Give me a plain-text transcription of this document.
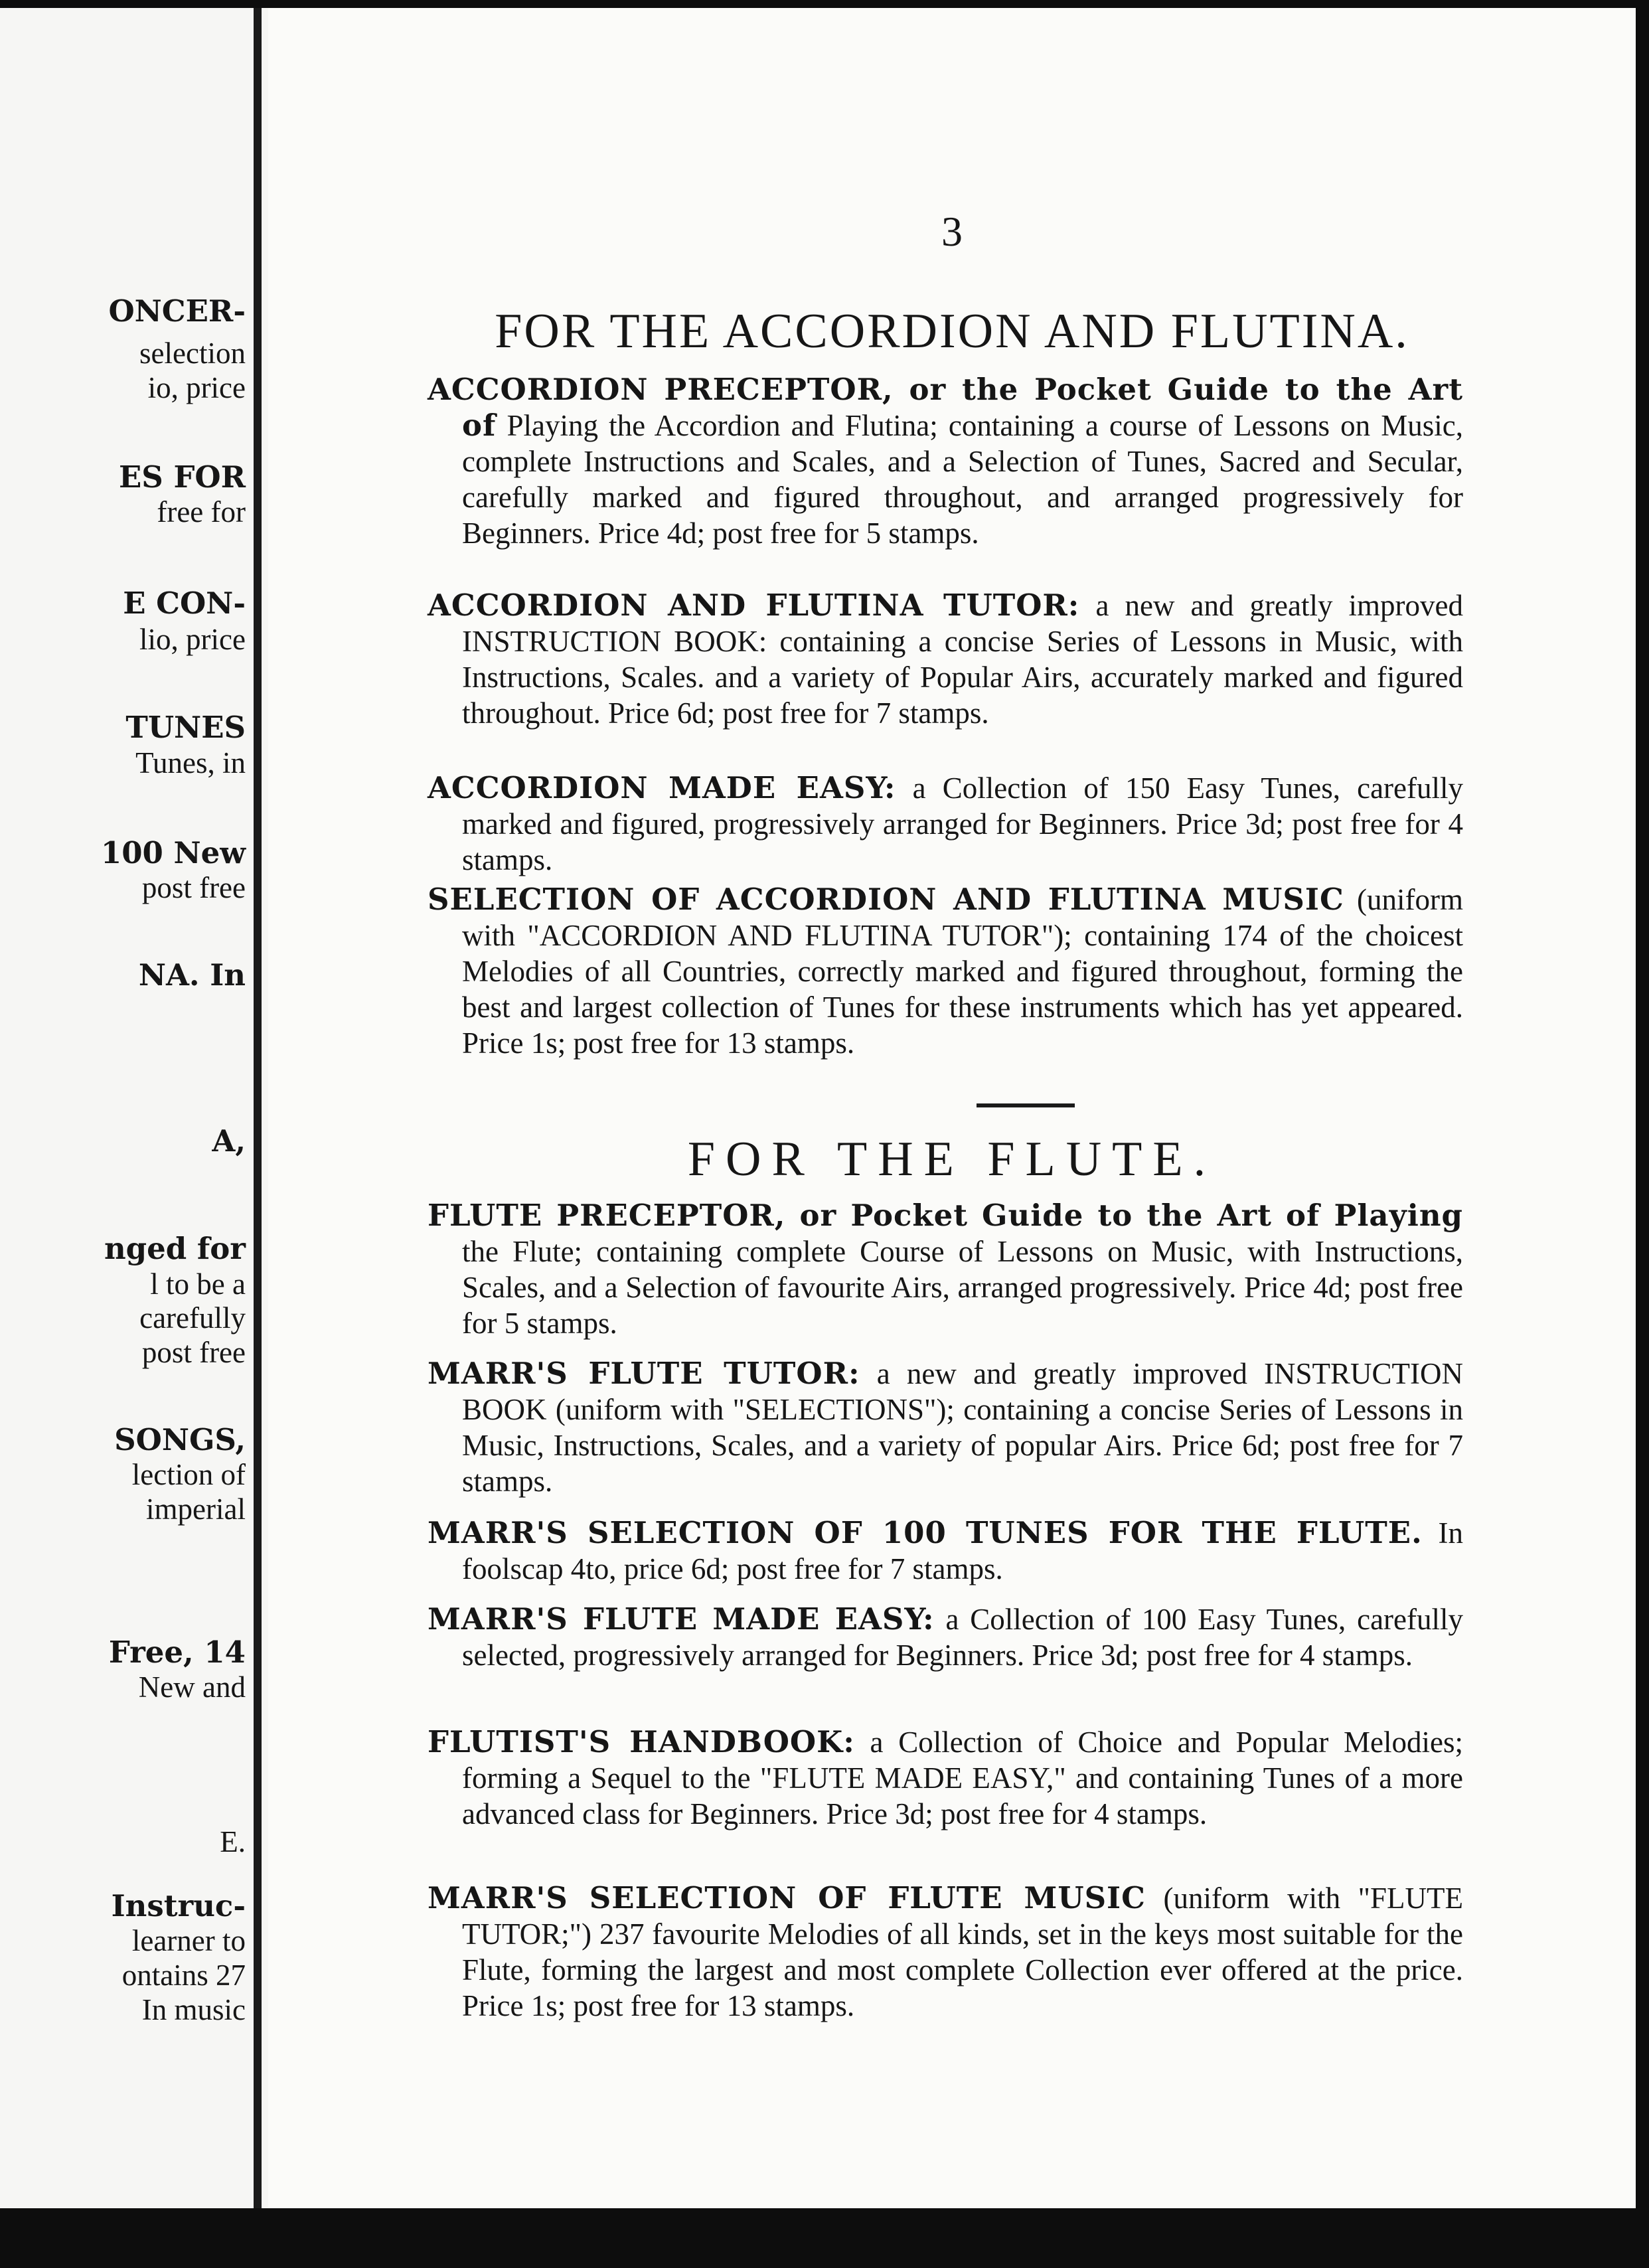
ONCER-
selection
io, price
ES FOR
free for
E CON-
lio, price
TUNES
Tunes, in
100 New
post free
NA. In
A,
nged for
l to be a
carefully
post free
SONGS,
lection of
imperial
Free, 14
New and
E.
Instruc-
learner to
ontains 27
In music
3
FOR THE ACCORDION AND FLUTINA.

ACCORDION PRECEPTOR, or the Pocket Guide to the Art of Playing the Accordion and Flutina; containing a course of Lessons on Music, complete Instructions and Scales, and a Selection of Tunes, Sacred and Secular, carefully marked and figured throughout, and arranged progressively for Beginners. Price 4d; post free for 5 stamps.

ACCORDION AND FLUTINA TUTOR: a new and greatly improved INSTRUCTION BOOK: containing a concise Series of Lessons in Music, with Instructions, Scales. and a variety of Popular Airs, accurately marked and figured throughout. Price 6d; post free for 7 stamps.

ACCORDION MADE EASY: a Collection of 150 Easy Tunes, carefully marked and figured, progressively arranged for Beginners. Price 3d; post free for 4 stamps.

SELECTION OF ACCORDION AND FLUTINA MUSIC (uniform with "ACCORDION AND FLUTINA TUTOR"); containing 174 of the choicest Melodies of all Countries, correctly marked and figured throughout, forming the best and largest collection of Tunes for these instruments which has yet appeared. Price 1s; post free for 13 stamps.

FOR THE FLUTE.

FLUTE PRECEPTOR, or Pocket Guide to the Art of Playing the Flute; containing complete Course of Lessons on Music, with Instructions, Scales, and a Selection of favourite Airs, arranged progressively. Price 4d; post free for 5 stamps.

MARR'S FLUTE TUTOR: a new and greatly improved INSTRUCTION BOOK (uniform with "SELECTIONS"); containing a concise Series of Lessons in Music, Instructions, Scales, and a variety of popular Airs. Price 6d; post free for 7 stamps.

MARR'S SELECTION OF 100 TUNES FOR THE FLUTE. In foolscap 4to, price 6d; post free for 7 stamps.

MARR'S FLUTE MADE EASY: a Collection of 100 Easy Tunes, carefully selected, progressively arranged for Beginners. Price 3d; post free for 4 stamps.

FLUTIST'S HANDBOOK: a Collection of Choice and Popular Melodies; forming a Sequel to the "FLUTE MADE EASY," and containing Tunes of a more advanced class for Beginners. Price 3d; post free for 4 stamps.

MARR'S SELECTION OF FLUTE MUSIC (uniform with "FLUTE TUTOR;") 237 favourite Melodies of all kinds, set in the keys most suitable for the Flute, forming the largest and most complete Collection ever offered at the price. Price 1s; post free for 13 stamps.
